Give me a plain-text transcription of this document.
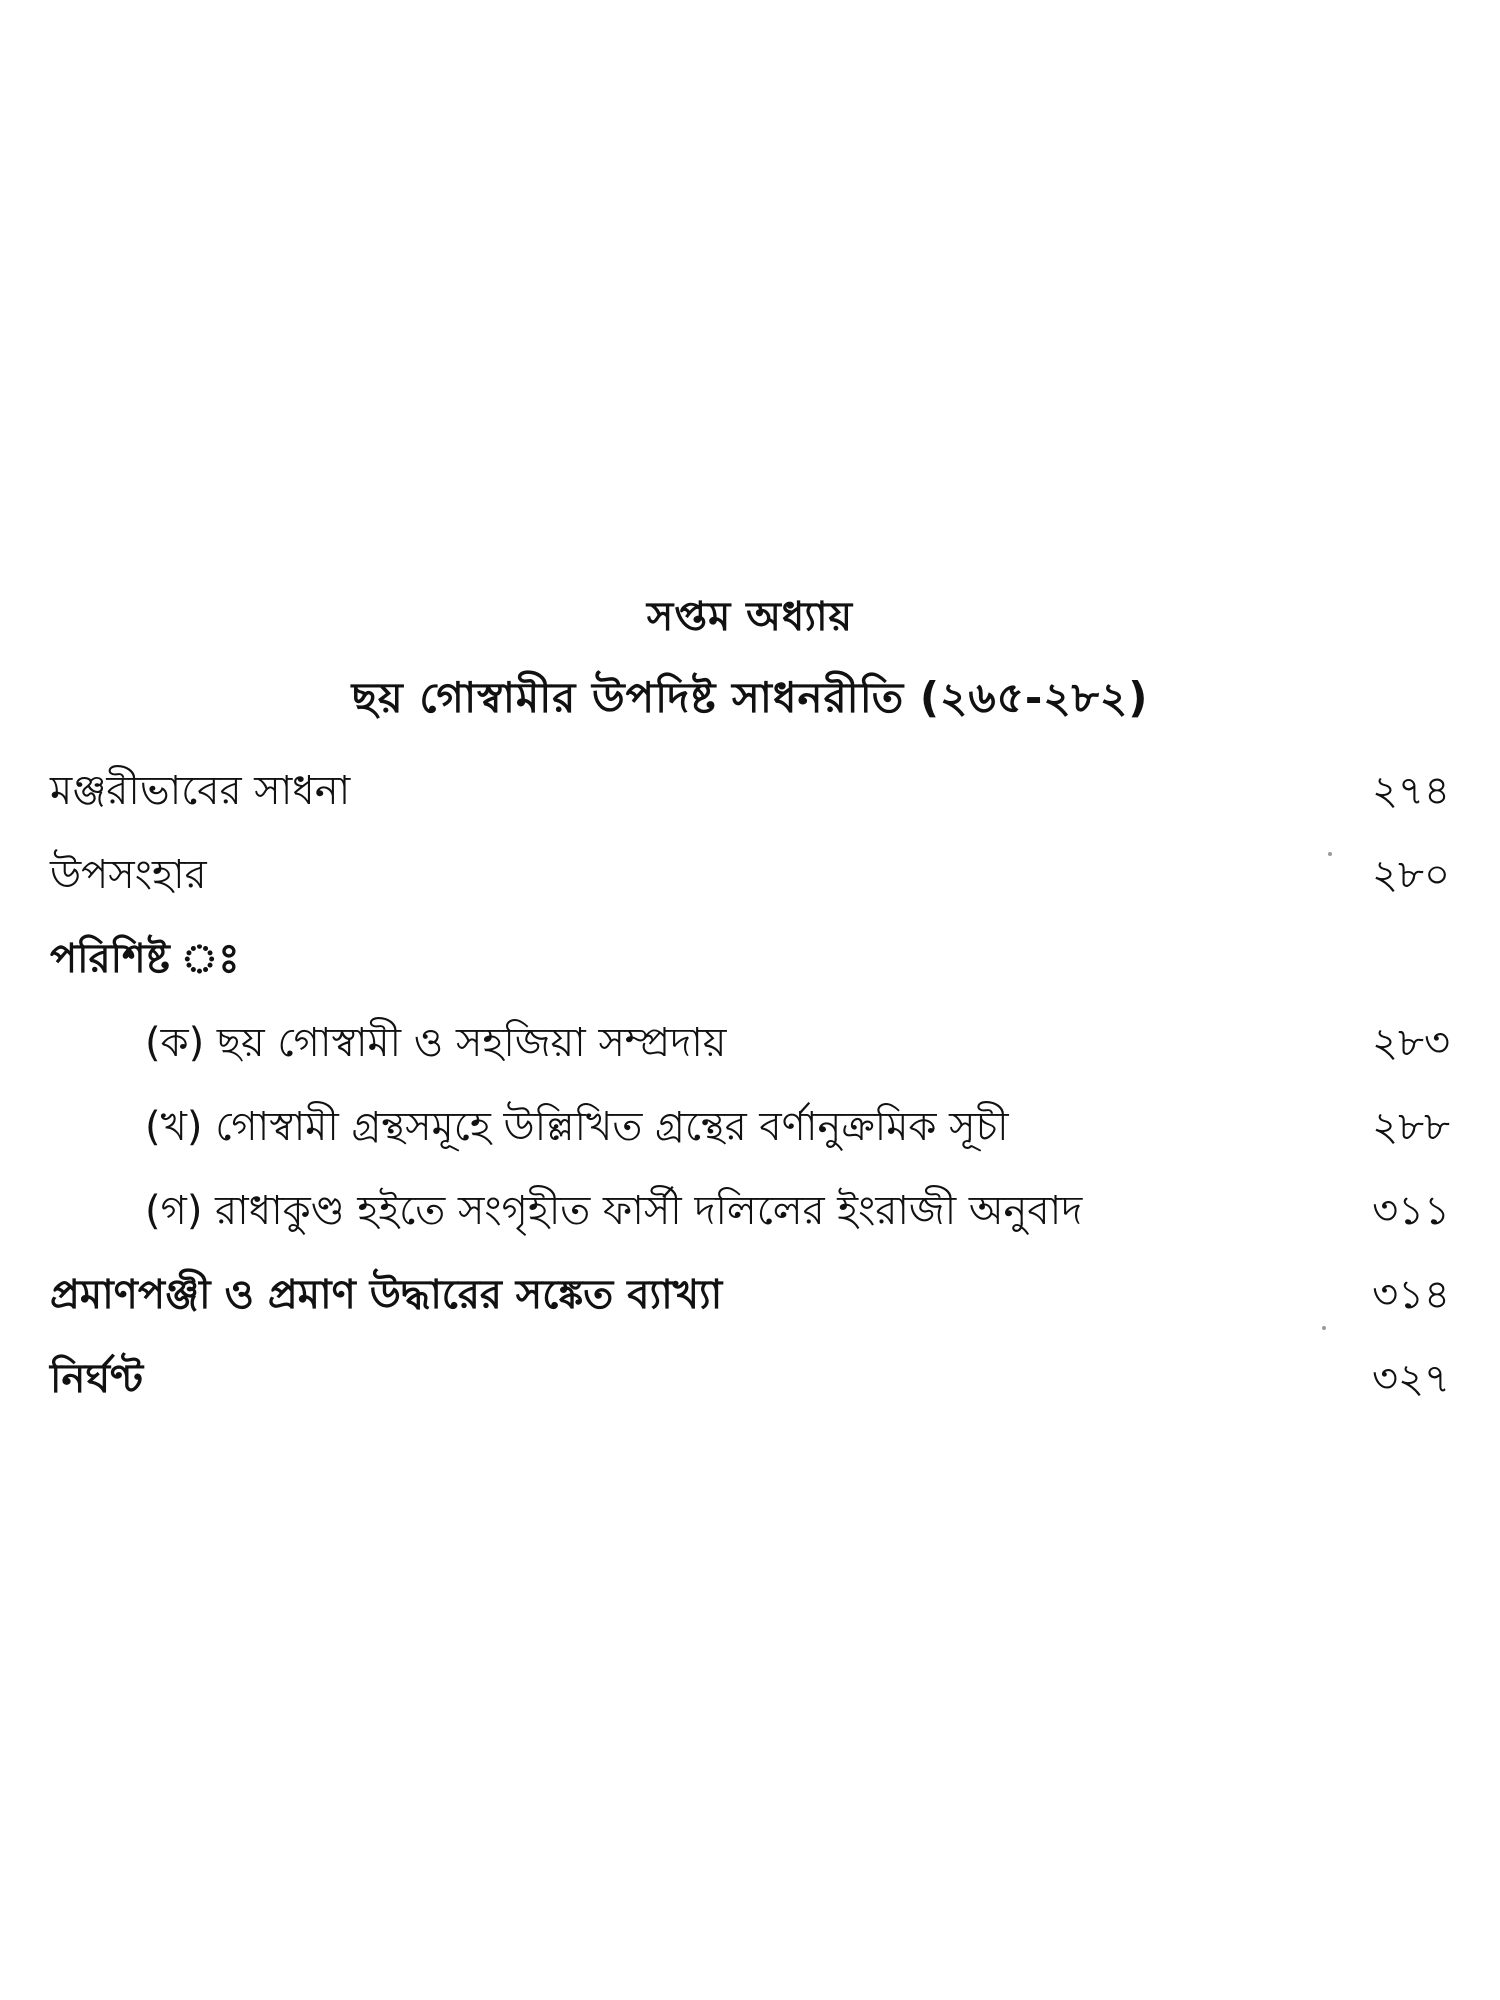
সপ্তম অধ্যায়
ছয় গোস্বামীর উপদিষ্ট সাধনরীতি (২৬৫-২৮২)
মঞ্জরীভাবের সাধনা	২৭৪
উপসংহার	২৮০
পরিশিষ্ট ঃ
(ক) ছয় গোস্বামী ও সহজিয়া সম্প্রদায়	২৮৩
(খ) গোস্বামী গ্রন্থসমূহে উল্লিখিত গ্রন্থের বর্ণানুক্রমিক সূচী	২৮৮
(গ) রাধাকুণ্ড হইতে সংগৃহীত ফার্সী দলিলের ইংরাজী অনুবাদ	৩১১
প্রমাণপঞ্জী ও প্রমাণ উদ্ধারের সঙ্কেত ব্যাখ্যা	৩১৪
নির্ঘণ্ট	৩২৭
